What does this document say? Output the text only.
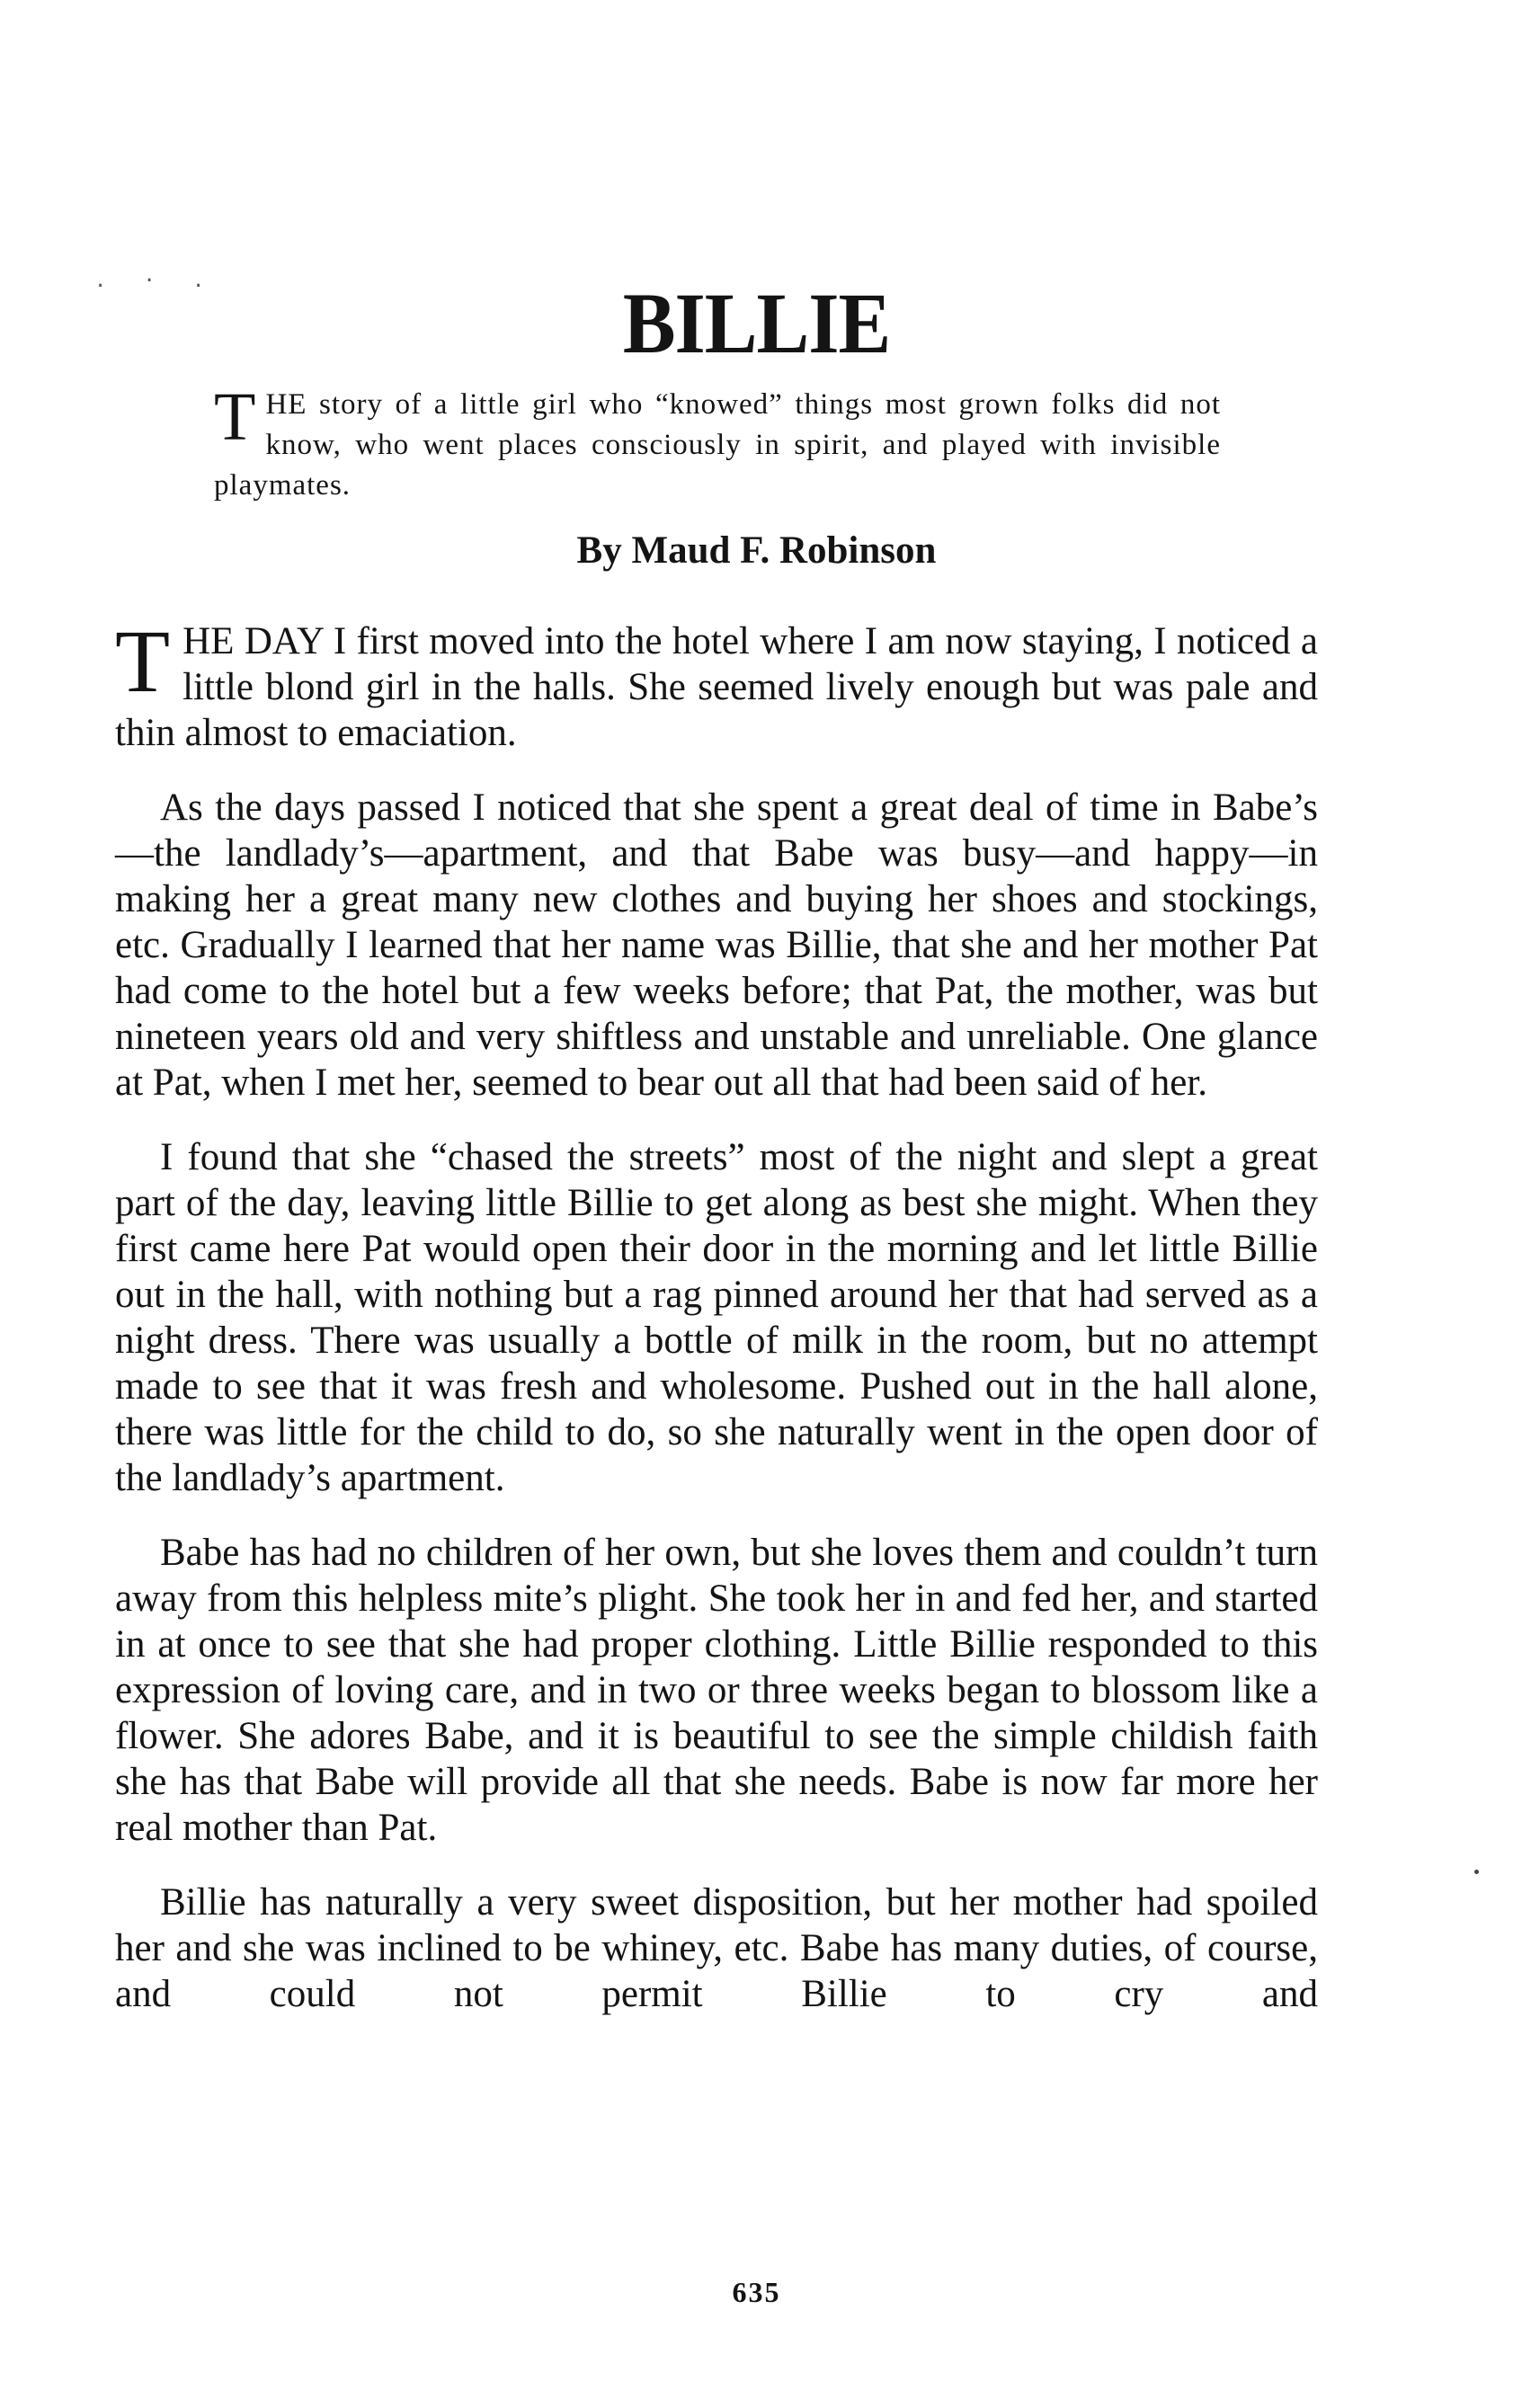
. · .	BILLIE
THE story of a little girl who “knowed” things most grown folks did not know, who went places consciously in spirit, and played with invisible playmates.
By Maud F. Robinson

THE DAY I first moved into the hotel where I am now staying, I noticed a little blond girl in the halls. She seemed lively enough but was pale and thin almost to emaciation.

As the days passed I noticed that she spent a great deal of time in Babe’s—the landlady’s—apartment, and that Babe was busy—and happy—in making her a great many new clothes and buying her shoes and stockings, etc. Gradually I learned that her name was Billie, that she and her mother Pat had come to the hotel but a few weeks before; that Pat, the mother, was but nineteen years old and very shiftless and unstable and unreliable. One glance at Pat, when I met her, seemed to bear out all that had been said of her.

I found that she “chased the streets” most of the night and slept a great part of the day, leaving little Billie to get along as best she might. When they first came here Pat would open their door in the morning and let little Billie out in the hall, with nothing but a rag pinned around her that had served as a night dress. There was usually a bottle of milk in the room, but no attempt made to see that it was fresh and wholesome. Pushed out in the hall alone, there was little for the child to do, so she naturally went in the open door of the landlady’s apartment.

Babe has had no children of her own, but she loves them and couldn’t turn away from this helpless mite’s plight. She took her in and fed her, and started in at once to see that she had proper clothing. Little Billie responded to this expression of loving care, and in two or three weeks began to blossom like a flower. She adores Babe, and it is beautiful to see the simple childish faith she has that Babe will provide all that she needs. Babe is now far more her real mother than Pat.

Billie has naturally a very sweet disposition, but her mother had spoiled her and she was inclined to be whiney, etc. Babe has many duties, of course, and could not permit Billie to cry and

635
